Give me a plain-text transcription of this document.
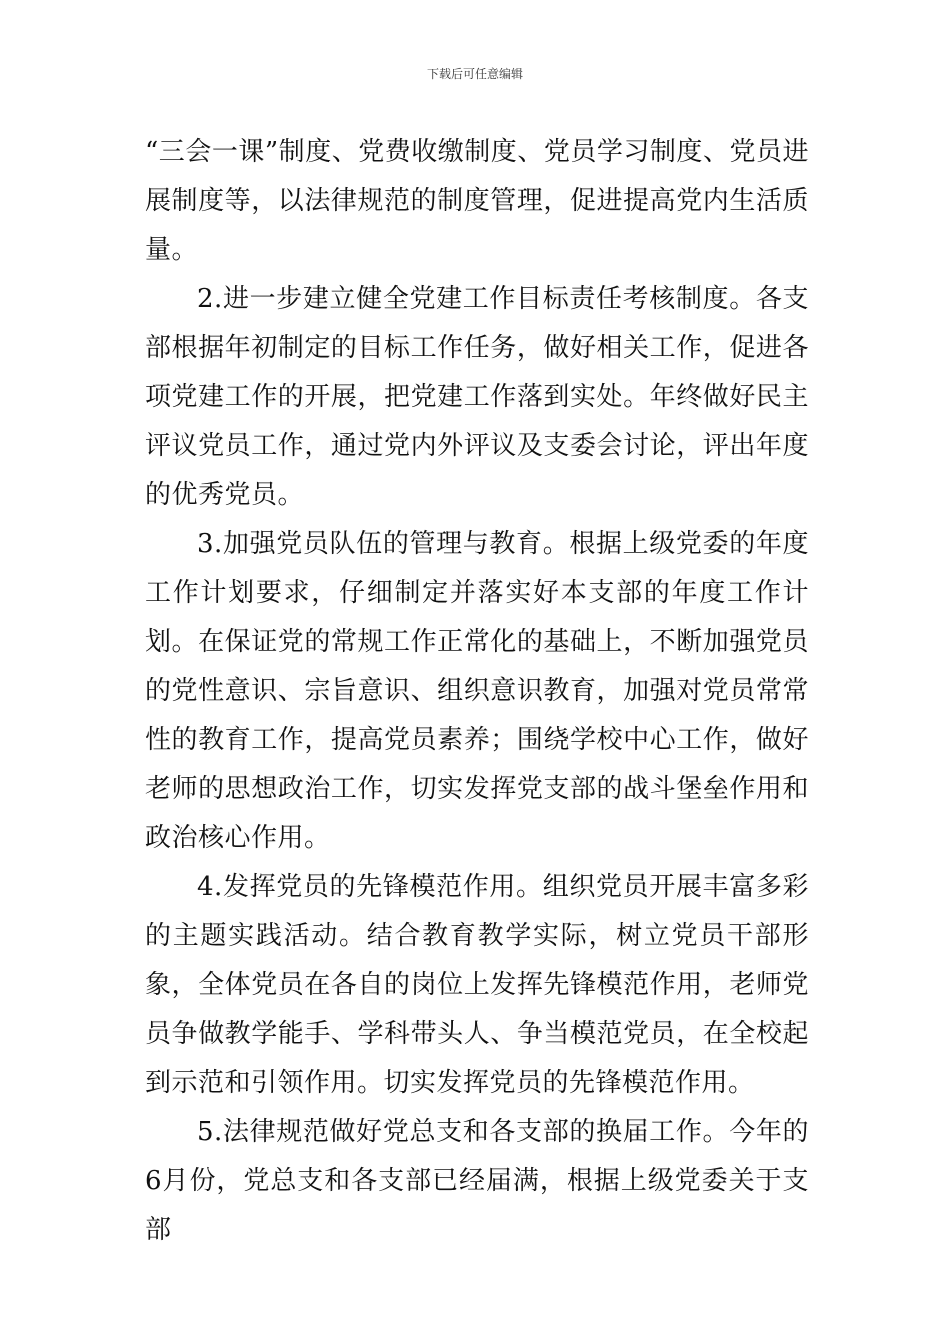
下载后可任意编辑

“三会一课”制度、党费收缴制度、党员学习制度、党员进展制度等，以法律规范的制度管理，促进提高党内生活质量。

2.进一步建立健全党建工作目标责任考核制度。各支部根据年初制定的目标工作任务，做好相关工作，促进各项党建工作的开展，把党建工作落到实处。年终做好民主评议党员工作，通过党内外评议及支委会讨论，评出年度的优秀党员。

3.加强党员队伍的管理与教育。根据上级党委的年度工作计划要求，仔细制定并落实好本支部的年度工作计划。在保证党的常规工作正常化的基础上，不断加强党员的党性意识、宗旨意识、组织意识教育，加强对党员常常性的教育工作，提高党员素养；围绕学校中心工作，做好老师的思想政治工作，切实发挥党支部的战斗堡垒作用和政治核心作用。

4.发挥党员的先锋模范作用。组织党员开展丰富多彩的主题实践活动。结合教育教学实际，树立党员干部形象，全体党员在各自的岗位上发挥先锋模范作用，老师党员争做教学能手、学科带头人、争当模范党员，在全校起到示范和引领作用。切实发挥党员的先锋模范作用。

5.法律规范做好党总支和各支部的换届工作。今年的6月份，党总支和各支部已经届满，根据上级党委关于支部
